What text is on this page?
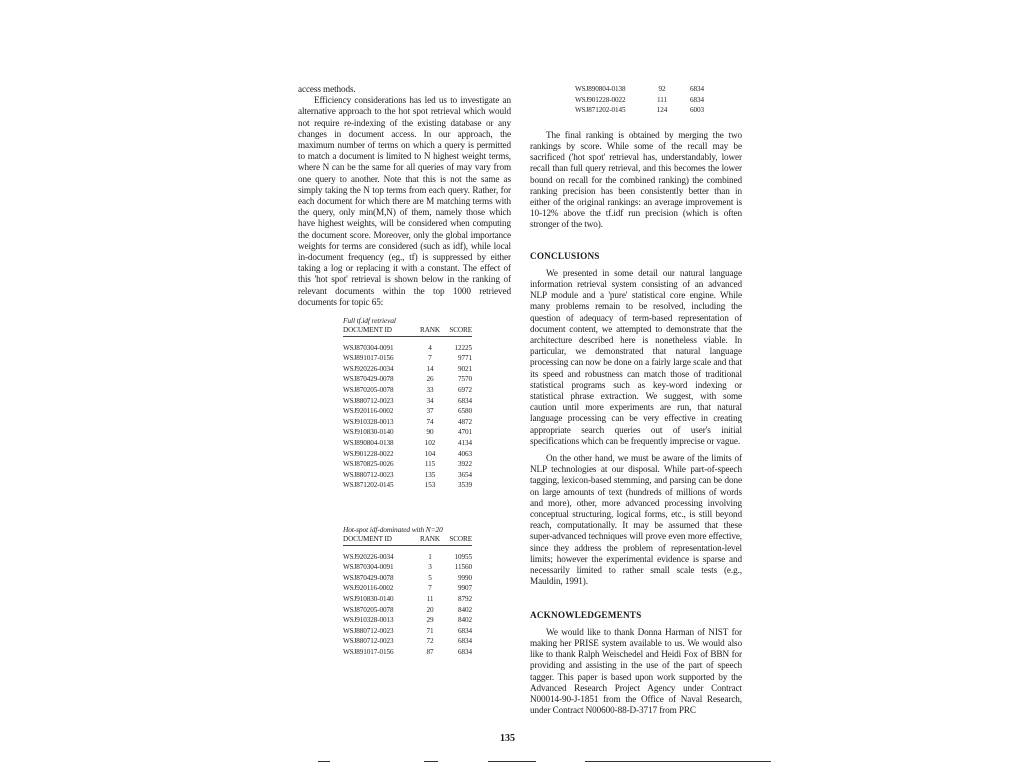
access methods.

Efficiency considerations has led us to investigate an alternative approach to the hot spot retrieval which would not require re-indexing of the existing database or any changes in document access. In our approach, the maximum number of terms on which a query is permitted to match a document is limited to N highest weight terms, where N can be the same for all queries of may vary from one query to another. Note that this is not the same as simply taking the N top terms from each query. Rather, for each document for which there are M matching terms with the query, only min(M,N) of them, namely those which have highest weights, will be considered when computing the document score. Moreover, only the global importance weights for terms are considered (such as idf), while local in-document frequency (eg., tf) is suppressed by either taking a log or replacing it with a constant. The effect of this 'hot spot' retrieval is shown below in the ranking of relevant documents within the top 1000 retrieved documents for topic 65:

Full tf.idf retrieval

DOCUMENT ID	RANK	SCORE

WSJ870304-0091	4	12225
WSJ891017-0156	7	9771
WSJ920226-0034	14	9021
WSJ870429-0078	26	7570
WSJ870205-0078	33	6972
WSJ880712-0023	34	6834
WSJ920116-0002	37	6580
WSJ910328-0013	74	4872
WSJ910830-0140	90	4701
WSJ890804-0138	102	4134
WSJ901228-0022	104	4063
WSJ870825-0026	115	3922
WSJ880712-0023	135	3654
WSJ871202-0145	153	3539

Hot-spot idf-dominated with N=20

DOCUMENT ID	RANK	SCORE

WSJ920226-0034	1	10955
WSJ870304-0091	3	11560
WSJ870429-0078	5	9990
WSJ920116-0002	7	9907
WSJ910830-0140	11	8792
WSJ870205-0078	20	8402
WSJ910328-0013	29	8402
WSJ880712-0023	71	6834
WSJ880712-0023	72	6834
WSJ891017-0156	87	6834
WSJ890804-0138	92	6834
WSJ901228-0022	111	6834
WSJ871202-0145	124	6003

The final ranking is obtained by merging the two rankings by score. While some of the recall may be sacrificed ('hot spot' retrieval has, understandably, lower recall than full query retrieval, and this becomes the lower bound on recall for the combined ranking) the combined ranking precision has been consistently better than in either of the original rankings: an average improvement is 10-12% above the tf.idf run precision (which is often stronger of the two).

CONCLUSIONS

We presented in some detail our natural language information retrieval system consisting of an advanced NLP module and a 'pure' statistical core engine. While many problems remain to be resolved, including the question of adequacy of term-based representation of document content, we attempted to demonstrate that the architecture described here is nonetheless viable. In particular, we demonstrated that natural language processing can now be done on a fairly large scale and that its speed and robustness can match those of traditional statistical programs such as key-word indexing or statistical phrase extraction. We suggest, with some caution until more experiments are run, that natural language processing can be very effective in creating appropriate search queries out of user's initial specifications which can be frequently imprecise or vague.

On the other hand, we must be aware of the limits of NLP technologies at our disposal. While part-of-speech tagging, lexicon-based stemming, and parsing can be done on large amounts of text (hundreds of millions of words and more), other, more advanced processing involving conceptual structuring, logical forms, etc., is still beyond reach, computationally. It may be assumed that these super-advanced techniques will prove even more effective, since they address the problem of representation-level limits; however the experimental evidence is sparse and necessarily limited to rather small scale tests (e.g., Mauldin, 1991).

ACKNOWLEDGEMENTS

We would like to thank Donna Harman of NIST for making her PRISE system available to us. We would also like to thank Ralph Weischedel and Heidi Fox of BBN for providing and assisting in the use of the part of speech tagger. This paper is based upon work supported by the Advanced Research Project Agency under Contract N00014-90-J-1851 from the Office of Naval Research, under Contract N00600-88-D-3717 from PRC

135
